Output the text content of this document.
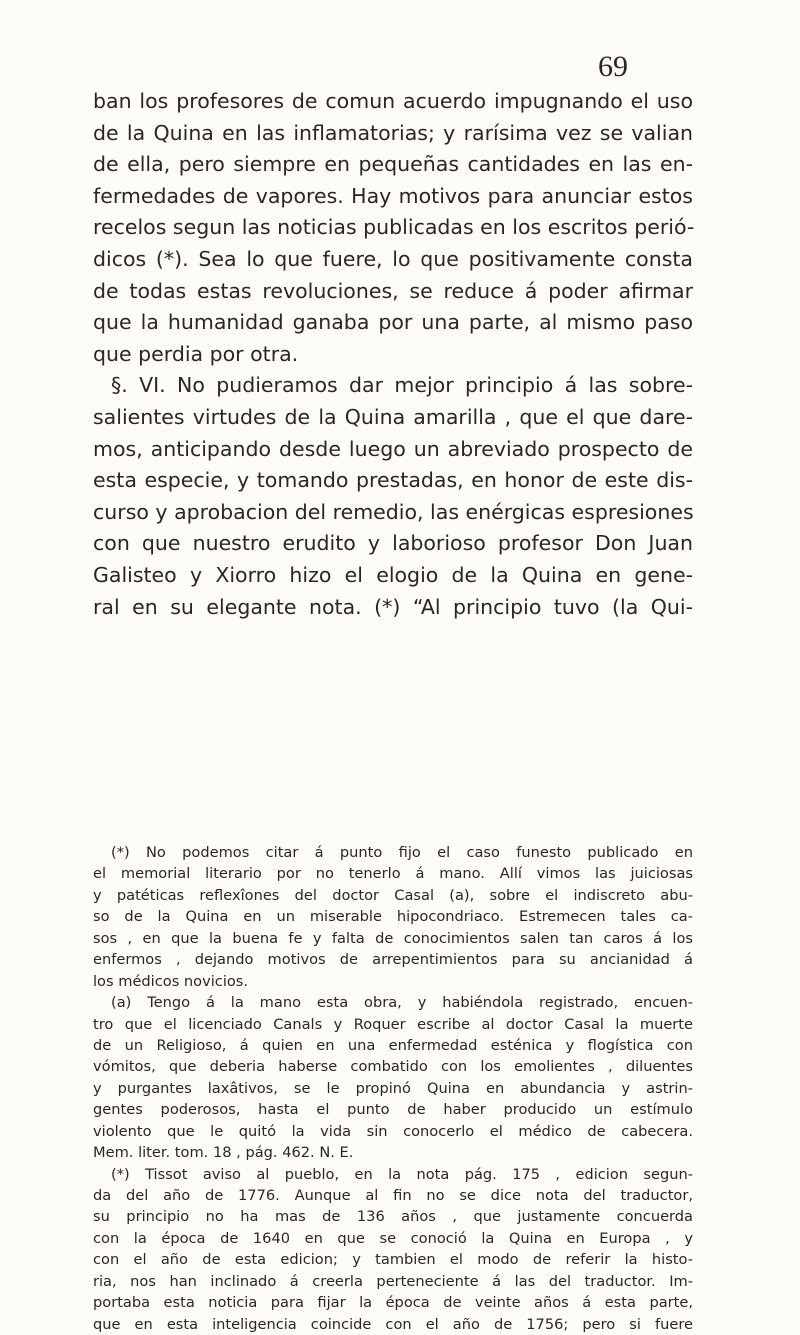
69
ban los profesores de comun acuerdo impugnando el uso
de la Quina en las inflamatorias; y rarísima vez se valian
de ella, pero siempre en pequeñas cantidades en las en-
fermedades de vapores. Hay motivos para anunciar estos
recelos segun las noticias publicadas en los escritos perió-
dicos (*). Sea lo que fuere, lo que positivamente consta
de todas estas revoluciones, se reduce á poder afirmar
que la humanidad ganaba por una parte, al mismo paso
que perdia por otra.
§. VI. No pudieramos dar mejor principio á las sobre-
salientes virtudes de la Quina amarilla , que el que dare-
mos, anticipando desde luego un abreviado prospecto de
esta especie, y tomando prestadas, en honor de este dis-
curso y aprobacion del remedio, las enérgicas espresiones
con que nuestro erudito y laborioso profesor Don Juan
Galisteo y Xiorro hizo el elogio de la Quina en gene-
ral en su elegante nota. (*) “Al principio tuvo (la Qui-
(*) No podemos citar á punto fijo el caso funesto publicado en
el memorial literario por no tenerlo á mano. Allí vimos las juiciosas
y patéticas reflexîones del doctor Casal (a), sobre el indiscreto abu-
so de la Quina en un miserable hipocondriaco. Estremecen tales ca-
sos , en que la buena fe y falta de conocimientos salen tan caros á los
enfermos , dejando motivos de arrepentimientos para su ancianidad á
los médicos novicios.
(a) Tengo á la mano esta obra, y habiéndola registrado, encuen-
tro que el licenciado Canals y Roquer escribe al doctor Casal la muerte
de un Religioso, á quien en una enfermedad esténica y flogística con
vómitos, que deberia haberse combatido con los emolientes , diluentes
y purgantes laxâtivos, se le propinó Quina en abundancia y astrin-
gentes poderosos, hasta el punto de haber producido un estímulo
violento que le quitó la vida sin conocerlo el médico de cabecera.
Mem. liter. tom. 18 , pág. 462. N. E.
(*) Tissot aviso al pueblo, en la nota pág. 175 , edicion segun-
da del año de 1776. Aunque al fin no se dice nota del traductor,
su principio no ha mas de 136 años , que justamente concuerda
con la época de 1640 en que se conoció la Quina en Europa , y
con el año de esta edicion; y tambien el modo de referir la histo-
ria, nos han inclinado á creerla perteneciente á las del traductor. Im-
portaba esta noticia para fijar la época de veinte años á esta parte,
que en esta inteligencia coincide con el año de 1756; pero si fuere
